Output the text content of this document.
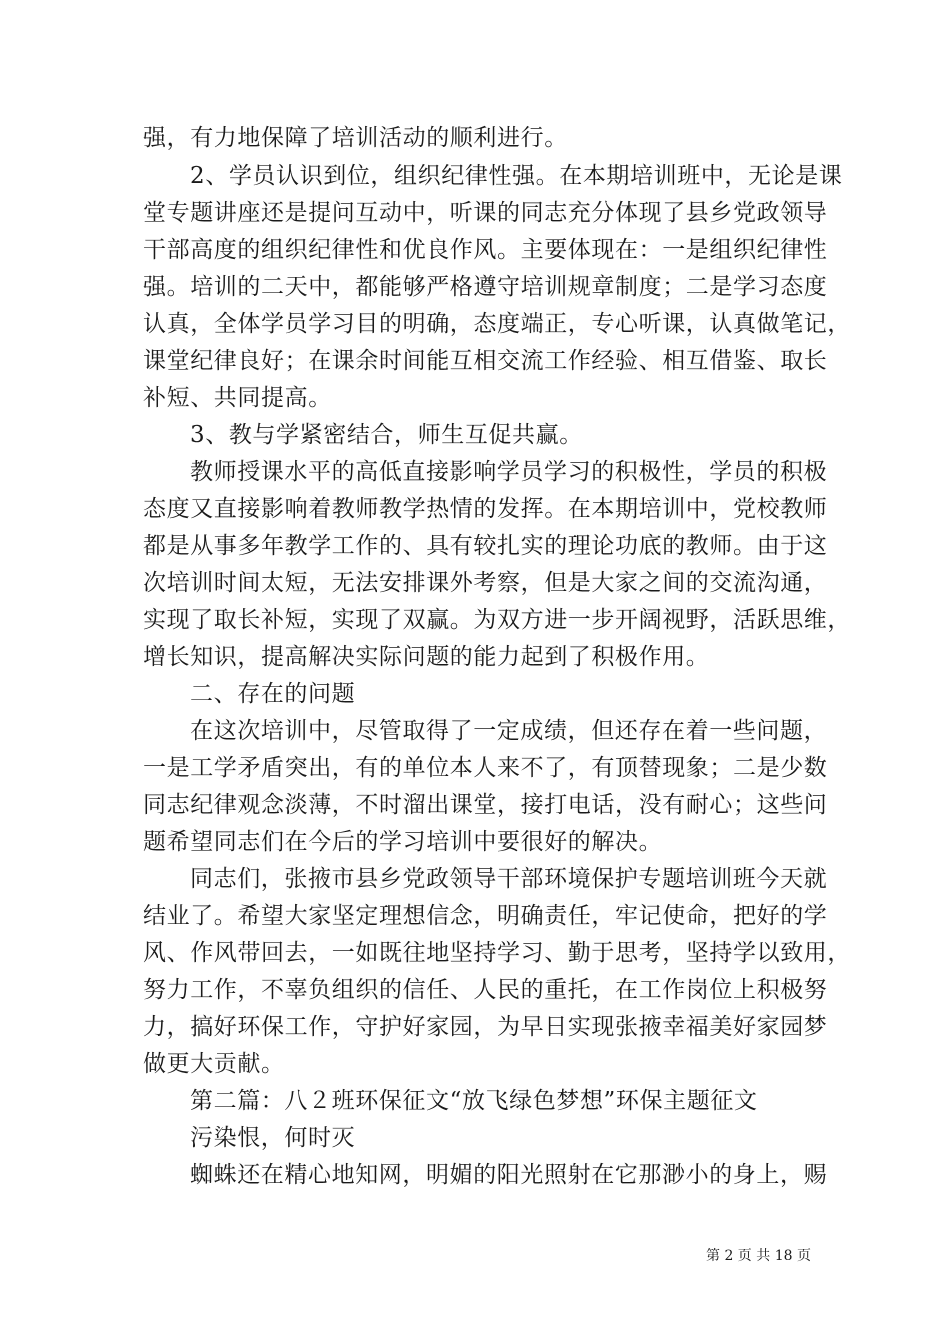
强，有力地保障了培训活动的顺利进行。
2、学员认识到位，组织纪律性强。在本期培训班中，无论是课
堂专题讲座还是提问互动中，听课的同志充分体现了县乡党政领导
干部高度的组织纪律性和优良作风。主要体现在：一是组织纪律性
强。培训的二天中，都能够严格遵守培训规章制度；二是学习态度
认真，全体学员学习目的明确，态度端正，专心听课，认真做笔记，
课堂纪律良好；在课余时间能互相交流工作经验、相互借鉴、取长
补短、共同提高。
3、教与学紧密结合，师生互促共赢。
教师授课水平的高低直接影响学员学习的积极性，学员的积极
态度又直接影响着教师教学热情的发挥。在本期培训中，党校教师
都是从事多年教学工作的、具有较扎实的理论功底的教师。由于这
次培训时间太短，无法安排课外考察，但是大家之间的交流沟通，
实现了取长补短，实现了双赢。为双方进一步开阔视野，活跃思维，
增长知识，提高解决实际问题的能力起到了积极作用。
二、存在的问题
在这次培训中，尽管取得了一定成绩，但还存在着一些问题，
一是工学矛盾突出，有的单位本人来不了，有顶替现象；二是少数
同志纪律观念淡薄，不时溜出课堂，接打电话，没有耐心；这些问
题希望同志们在今后的学习培训中要很好的解决。
同志们，张掖市县乡党政领导干部环境保护专题培训班今天就
结业了。希望大家坚定理想信念，明确责任，牢记使命，把好的学
风、作风带回去，一如既往地坚持学习、勤于思考，坚持学以致用，
努力工作，不辜负组织的信任、人民的重托，在工作岗位上积极努
力，搞好环保工作，守护好家园，为早日实现张掖幸福美好家园梦
做更大贡献。
第二篇：八２班环保征文“放飞绿色梦想”环保主题征文
污染恨，何时灭
蜘蛛还在精心地知网，明媚的阳光照射在它那渺小的身上，赐
第 2 页 共 18 页
